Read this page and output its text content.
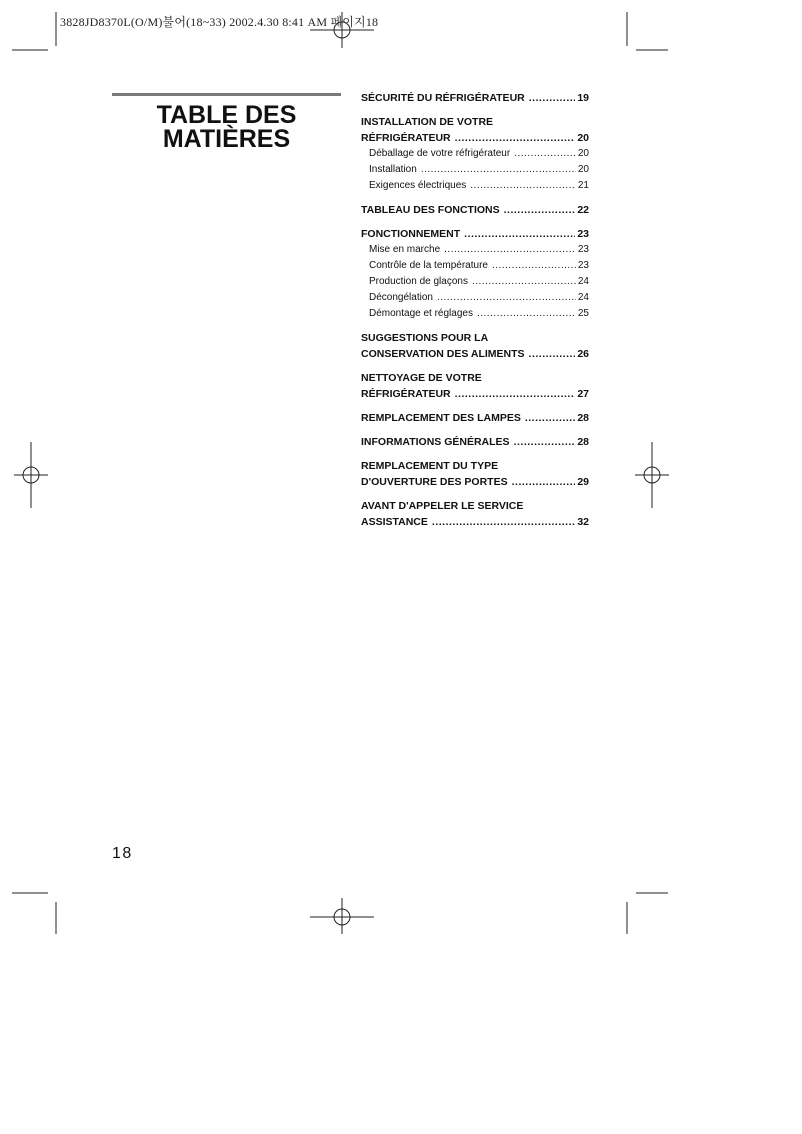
3828JD8370L(O/M)불어(18~33) 2002.4.30 8:41 AM 페이지18
TABLE DES
MATIÈRES
SÉCURITÉ DU RÉFRIGÉRATEUR .....	19
INSTALLATION DE VOTRE
RÉFRIGÉRATEUR .....	20
Déballage de votre réfrigérateur .....	20
Installation .....	20
Exigences électriques .....	21
TABLEAU DES FONCTIONS .....	22
FONCTIONNEMENT .....	23
Mise en marche .....	23
Contrôle de la température .....	23
Production de glaçons .....	24
Décongélation .....	24
Démontage et réglages .....	25
SUGGESTIONS POUR LA
CONSERVATION DES ALIMENTS .....	26
NETTOYAGE DE VOTRE
RÉFRIGÉRATEUR .....	27
REMPLACEMENT DES LAMPES .....	28
INFORMATIONS GÉNÉRALES .....	28
REMPLACEMENT DU TYPE
D'OUVERTURE DES PORTES .....	29
AVANT D'APPELER LE SERVICE
ASSISTANCE .....	32
18
